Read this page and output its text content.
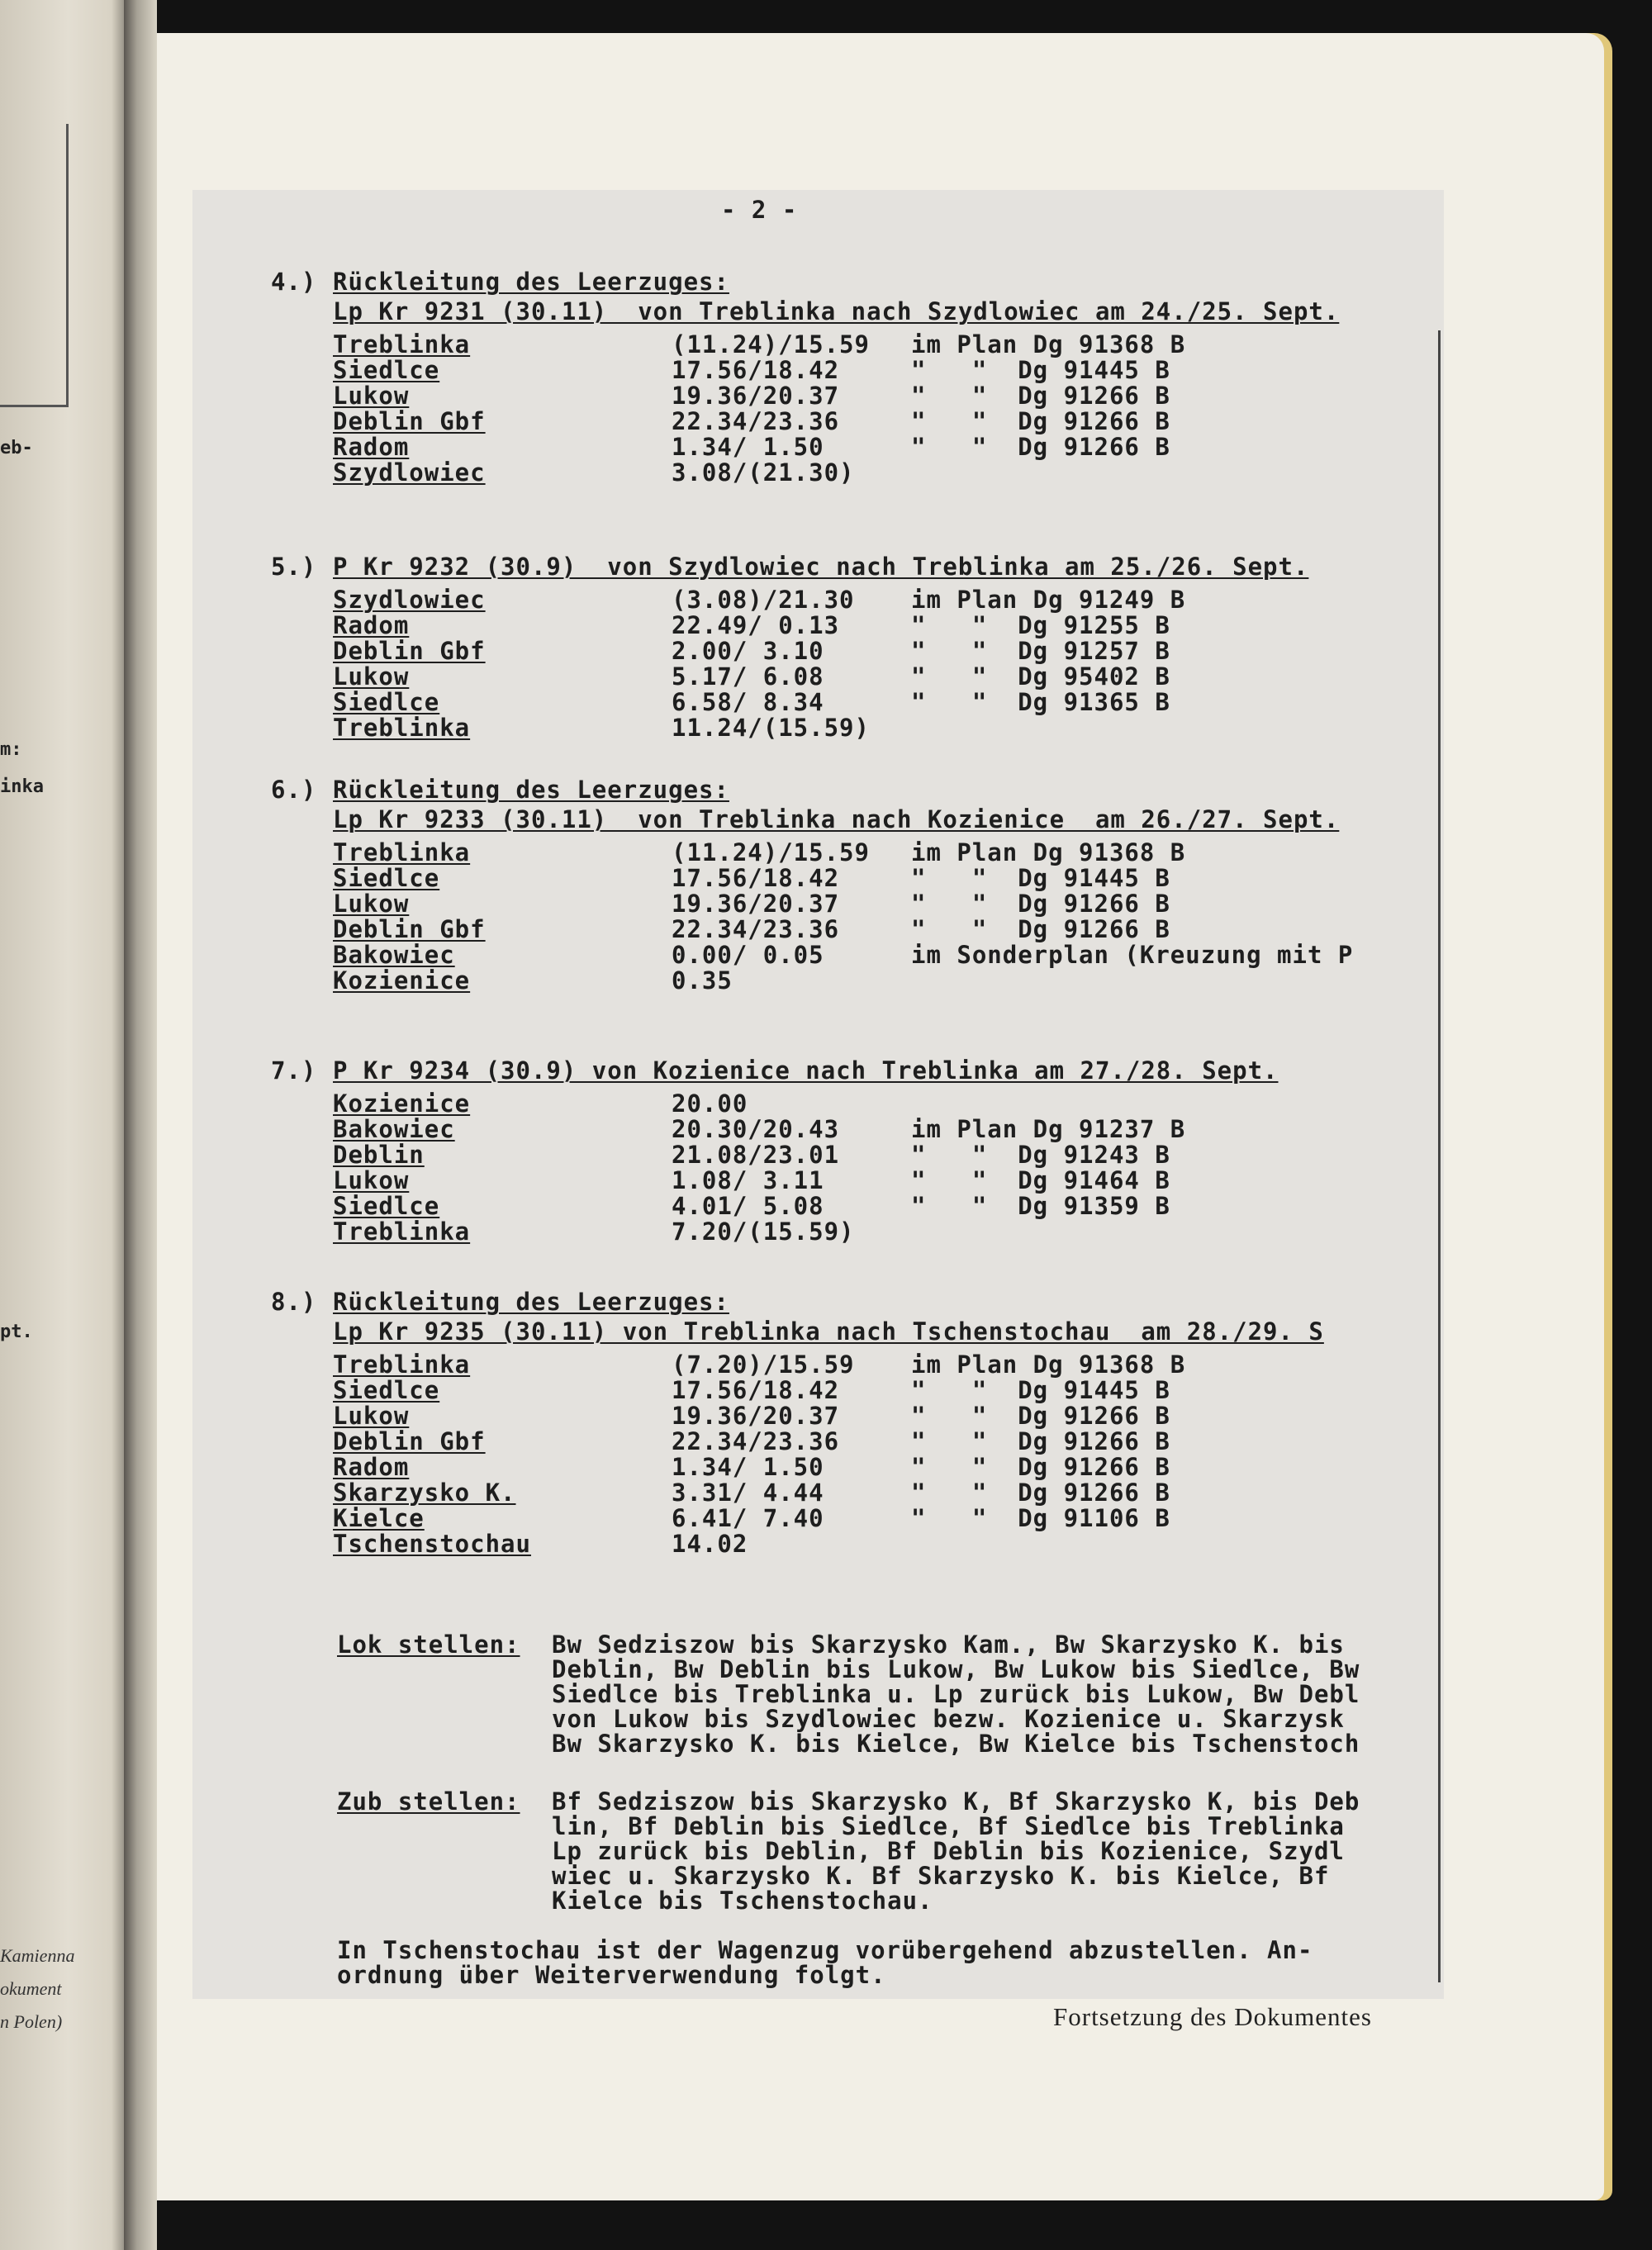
eb-
m:
inka
pt.
Kamienna
okument
n Polen)
- 2 -
4.) Rückleitung des Leerzuges:
Lp Kr 9231 (30.11)  von Treblinka nach Szydlowiec am 24./25. Sept.
Treblinka	(11.24)/15.59 im Plan Dg 91368 B
Siedlce	17.56/18.42	"   "  Dg 91445 B
Lukow	19.36/20.37	"   "  Dg 91266 B
Deblin Gbf	22.34/23.36	"   "  Dg 91266 B
Radom	1.34/ 1.50	"   "  Dg 91266 B
Szydlowiec	3.08/(21.30)
5.) P Kr 9232 (30.9)  von Szydlowiec nach Treblinka am 25./26. Sept.
Szydlowiec	(3.08)/21.30 im Plan Dg 91249 B
Radom	22.49/ 0.13	"   "  Dg 91255 B
Deblin Gbf	2.00/ 3.10	"   "  Dg 91257 B
Lukow	5.17/ 6.08	"   "  Dg 95402 B
Siedlce	6.58/ 8.34	"   "  Dg 91365 B
Treblinka	11.24/(15.59)
6.) Rückleitung des Leerzuges:
Lp Kr 9233 (30.11)  von Treblinka nach Kozienice  am 26./27. Sept.
Treblinka	(11.24)/15.59 im Plan Dg 91368 B
Siedlce	17.56/18.42	"   "  Dg 91445 B
Lukow	19.36/20.37	"   "  Dg 91266 B
Deblin Gbf	22.34/23.36	"   "  Dg 91266 B
Bakowiec	0.00/ 0.05	im Sonderplan (Kreuzung mit P
Kozienice	0.35
7.) P Kr 9234 (30.9) von Kozienice nach Treblinka am 27./28. Sept.
Kozienice	20.00
Bakowiec	20.30/20.43	im Plan Dg 91237 B
Deblin	21.08/23.01	"   "  Dg 91243 B
Lukow	1.08/ 3.11	"   "  Dg 91464 B
Siedlce	4.01/ 5.08	"   "  Dg 91359 B
Treblinka	7.20/(15.59)
8.) Rückleitung des Leerzuges:
Lp Kr 9235 (30.11) von Treblinka nach Tschenstochau  am 28./29. S
Treblinka	(7.20)/15.59 im Plan Dg 91368 B
Siedlce	17.56/18.42	"   "  Dg 91445 B
Lukow	19.36/20.37	"   "  Dg 91266 B
Deblin Gbf	22.34/23.36	"   "  Dg 91266 B
Radom	1.34/ 1.50	"   "  Dg 91266 B
Skarzysko K.	3.31/ 4.44	"   "  Dg 91266 B
Kielce	6.41/ 7.40	"   "  Dg 91106 B
Tschenstochau	14.02
Lok stellen: Bw Sedziszow bis Skarzysko Kam., Bw Skarzysko K. bis
Deblin, Bw Deblin bis Lukow, Bw Lukow bis Siedlce, Bw
Siedlce bis Treblinka u. Lp zurück bis Lukow, Bw Debl
von Lukow bis Szydlowiec bezw. Kozienice u. Skarzysk
Bw Skarzysko K. bis Kielce, Bw Kielce bis Tschenstoch
Zub stellen: Bf Sedziszow bis Skarzysko K, Bf Skarzysko K, bis Deb
lin, Bf Deblin bis Siedlce, Bf Siedlce bis Treblinka
Lp zurück bis Deblin, Bf Deblin bis Kozienice, Szydl
wiec u. Skarzysko K. Bf Skarzysko K. bis Kielce, Bf
Kielce bis Tschenstochau.
In Tschenstochau ist der Wagenzug vorübergehend abzustellen. An-
ordnung über Weiterverwendung folgt.
Fortsetzung des Dokumentes
